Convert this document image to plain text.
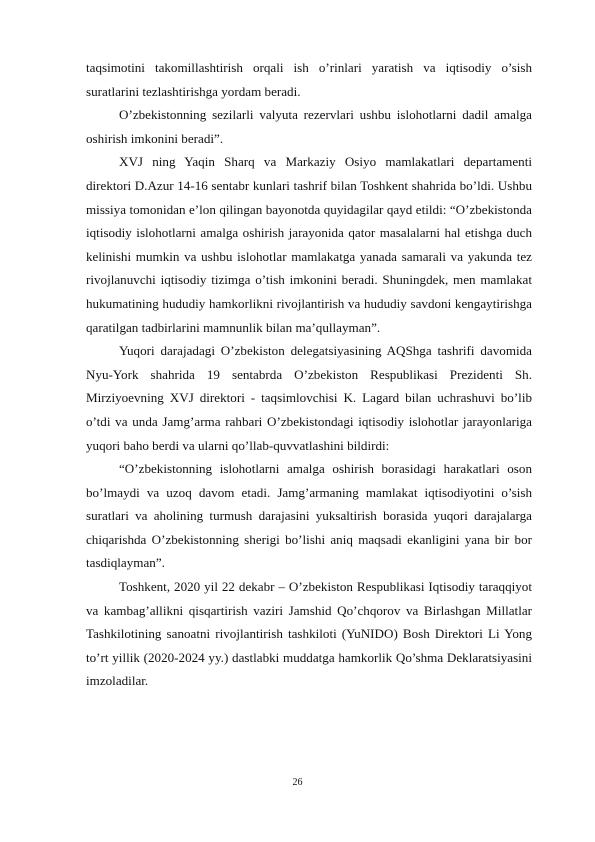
taqsimotini takomillashtirish orqali ish o’rinlari yaratish va iqtisodiy o’sish suratlarini tezlashtirishga yordam beradi.

O’zbekistonning sezilarli valyuta rezervlari ushbu islohotlarni dadil amalga oshirish imkonini beradi”.

XVJ ning Yaqin Sharq va Markaziy Osiyo mamlakatlari departamenti direktori D.Azur 14-16 sentabr kunlari tashrif bilan Toshkent shahrida bo’ldi. Ushbu missiya tomonidan e’lon qilingan bayonotda quyidagilar qayd etildi: “O’zbekistonda iqtisodiy islohotlarni amalga oshirish jarayonida qator masalalarni hal etishga duch kelinishi mumkin va ushbu islohotlar mamlakatga yanada samarali va yakunda tez rivojlanuvchi iqtisodiy tizimga o’tish imkonini beradi. Shuningdek, men mamlakat hukumatining hududiy hamkorlikni rivojlantirish va hududiy savdoni kengaytirishga qaratilgan tadbirlarini mamnunlik bilan ma’qullayman”.

Yuqori darajadagi O’zbekiston delegatsiyasining AQShga tashrifi davomida Nyu-York shahrida 19 sentabrda O’zbekiston Respublikasi Prezidenti Sh. Mirziyoevning XVJ direktori - taqsimlovchisi K. Lagard bilan uchrashuvi bo’lib o’tdi va unda Jamg’arma rahbari O’zbekistondagi iqtisodiy islohotlar jarayonlariga yuqori baho berdi va ularni qo’llab-quvvatlashini bildirdi:

“O’zbekistonning islohotlarni amalga oshirish borasidagi harakatlari oson bo’lmaydi va uzoq davom etadi. Jamg’armaning mamlakat iqtisodiyotini o’sish suratlari va aholining turmush darajasini yuksaltirish borasida yuqori darajalarga chiqarishda O’zbekistonning sherigi bo’lishi aniq maqsadi ekanligini yana bir bor tasdiqlayman”.

Toshkent, 2020 yil 22 dekabr – O’zbekiston Respublikasi Iqtisodiy taraqqiyot va kambag’allikni qisqartirish vaziri Jamshid Qo’chqorov va Birlashgan Millatlar Tashkilotining sanoatni rivojlantirish tashkiloti (YuNIDO) Bosh Direktori Li Yong to’rt yillik (2020-2024 yy.) dastlabki muddatga hamkorlik Qo’shma Deklaratsiyasini imzoladilar.

26
